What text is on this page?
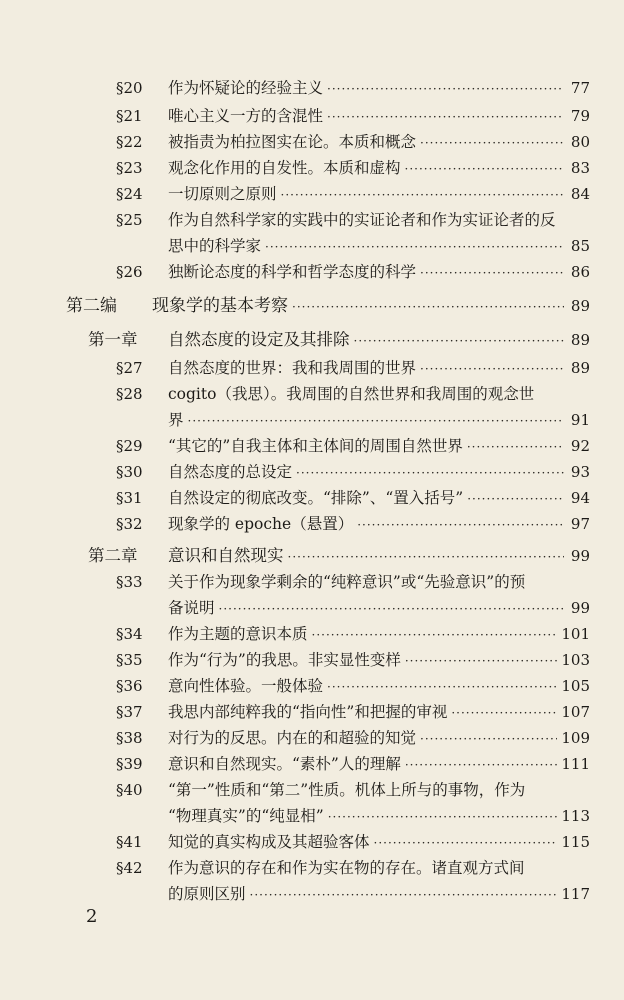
§20	作为怀疑论的经验主义 ·····	77
§21	唯心主义一方的含混性 ·····	79
§22	被指责为柏拉图实在论。本质和概念 ·····	80
§23	观念化作用的自发性。本质和虚构 ·····	83
§24	一切原则之原则 ·····	84
§25	作为自然科学家的实践中的实证论者和作为实证论者的反
思中的科学家 ·····	85
§26	独断论态度的科学和哲学态度的科学 ·····	86
第二编	现象学的基本考察 ·····	89
第一章	自然态度的设定及其排除 ·····	89
§27	自然态度的世界：我和我周围的世界 ·····	89
§28	cogito（我思）。我周围的自然世界和我周围的观念世
界 ·····	91
§29	“其它的”自我主体和主体间的周围自然世界 ·····	92
§30	自然态度的总设定 ·····	93
§31	自然设定的彻底改变。“排除”、“置入括号” ·····	94
§32	现象学的 epoche（悬置） ·····	97
第二章	意识和自然现实 ·····	99
§33	关于作为现象学剩余的“纯粹意识”或“先验意识”的预
备说明 ·····	99
§34	作为主题的意识本质 ·····	101
§35	作为“行为”的我思。非实显性变样 ·····	103
§36	意向性体验。一般体验 ·····	105
§37	我思内部纯粹我的“指向性”和把握的审视 ·····	107
§38	对行为的反思。内在的和超验的知觉 ·····	109
§39	意识和自然现实。“素朴”人的理解 ·····	111
§40	“第一”性质和“第二”性质。机体上所与的事物，作为
“物理真实”的“纯显相” ·····	113
§41	知觉的真实构成及其超验客体 ·····	115
§42	作为意识的存在和作为实在物的存在。诸直观方式间
的原则区别 ·····	117
2
